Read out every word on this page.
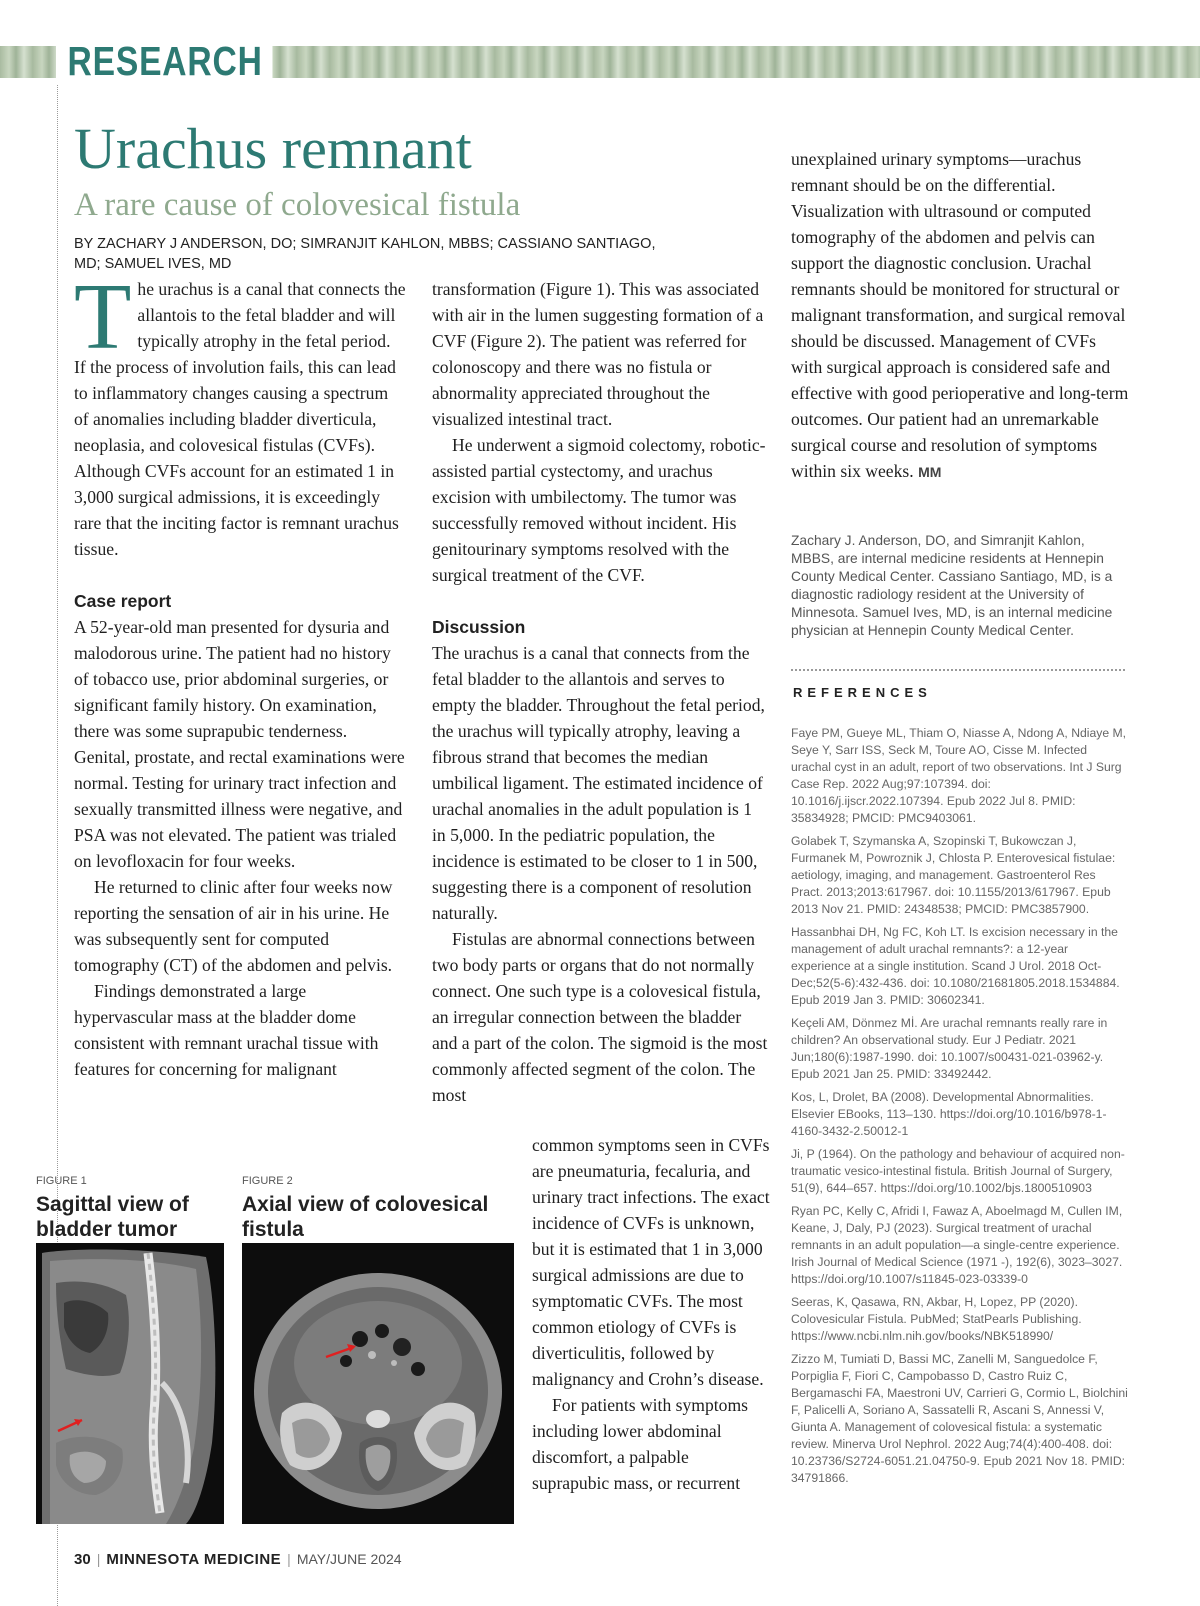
RESEARCH
Urachus remnant
A rare cause of colovesical fistula
BY ZACHARY J ANDERSON, DO; SIMRANJIT KAHLON, MBBS; CASSIANO SANTIAGO, MD; SAMUEL IVES, MD
T he urachus is a canal that connects the allantois to the fetal bladder and will typically atrophy in the fetal period. If the process of involution fails, this can lead to inflammatory changes causing a spectrum of anomalies including bladder diverticula, neoplasia, and colovesical fistulas (CVFs). Although CVFs account for an estimated 1 in 3,000 surgical admissions, it is exceedingly rare that the inciting factor is remnant urachus tissue.

Case report

A 52-year-old man presented for dysuria and malodorous urine. The patient had no history of tobacco use, prior abdominal surgeries, or significant family history. On examination, there was some suprapubic tenderness. Genital, prostate, and rectal examinations were normal. Testing for urinary tract infection and sexually transmitted illness were negative, and PSA was not elevated. The patient was trialed on levofloxacin for four weeks.

He returned to clinic after four weeks now reporting the sensation of air in his urine. He was subsequently sent for computed tomography (CT) of the abdomen and pelvis.

Findings demonstrated a large hypervascular mass at the bladder dome consistent with remnant urachal tissue with features for concerning for malignant

transformation (Figure 1). This was associated with air in the lumen suggesting formation of a CVF (Figure 2). The patient was referred for colonoscopy and there was no fistula or abnormality appreciated throughout the visualized intestinal tract.

He underwent a sigmoid colectomy, robotic-assisted partial cystectomy, and urachus excision with umbilectomy. The tumor was successfully removed without incident. His genitourinary symptoms resolved with the surgical treatment of the CVF.

Discussion

The urachus is a canal that connects from the fetal bladder to the allantois and serves to empty the bladder. Throughout the fetal period, the urachus will typically atrophy, leaving a fibrous strand that becomes the median umbilical ligament. The estimated incidence of urachal anomalies in the adult population is 1 in 5,000. In the pediatric population, the incidence is estimated to be closer to 1 in 500, suggesting there is a component of resolution naturally.

Fistulas are abnormal connections between two body parts or organs that do not normally connect. One such type is a colovesical fistula, an irregular connection between the bladder and a part of the colon. The sigmoid is the most commonly affected segment of the colon. The most

common symptoms seen in CVFs are pneumaturia, fecaluria, and urinary tract infections. The exact incidence of CVFs is unknown, but it is estimated that 1 in 3,000 surgical admissions are due to symptomatic CVFs. The most common etiology of CVFs is diverticulitis, followed by malignancy and Crohn’s disease.

For patients with symptoms including lower abdominal discomfort, a palpable suprapubic mass, or recurrent

unexplained urinary symptoms—urachus remnant should be on the differential. Visualization with ultrasound or computed tomography of the abdomen and pelvis can support the diagnostic conclusion. Urachal remnants should be monitored for structural or malignant transformation, and surgical removal should be discussed. Management of CVFs with surgical approach is considered safe and effective with good perioperative and long-term outcomes. Our patient had an unremarkable surgical course and resolution of symptoms within six weeks. MM

Zachary J. Anderson, DO, and Simranjit Kahlon, MBBS, are internal medicine residents at Hennepin County Medical Center. Cassiano Santiago, MD, is a diagnostic radiology resident at the University of Minnesota. Samuel Ives, MD, is an internal medicine physician at Hennepin County Medical Center.
REFERENCES

Faye PM, Gueye ML, Thiam O, Niasse A, Ndong A, Ndiaye M, Seye Y, Sarr ISS, Seck M, Toure AO, Cisse M. Infected urachal cyst in an adult, report of two observations. Int J Surg Case Rep. 2022 Aug;97:107394. doi: 10.1016/j.ijscr.2022.107394. Epub 2022 Jul 8. PMID: 35834928; PMCID: PMC9403061.

Golabek T, Szymanska A, Szopinski T, Bukowczan J, Furmanek M, Powroznik J, Chlosta P. Enterovesical fistulae: aetiology, imaging, and management. Gastroenterol Res Pract. 2013;2013:617967. doi: 10.1155/2013/617967. Epub 2013 Nov 21. PMID: 24348538; PMCID: PMC3857900.

Hassanbhai DH, Ng FC, Koh LT. Is excision necessary in the management of adult urachal remnants?: a 12-year experience at a single institution. Scand J Urol. 2018 Oct-Dec;52(5-6):432-436. doi: 10.1080/21681805.2018.1534884. Epub 2019 Jan 3. PMID: 30602341.

Keçeli AM, Dönmez Mİ. Are urachal remnants really rare in children? An observational study. Eur J Pediatr. 2021 Jun;180(6):1987-1990. doi: 10.1007/s00431-021-03962-y. Epub 2021 Jan 25. PMID: 33492442.

Kos, L, Drolet, BA (2008). Developmental Abnormalities. Elsevier EBooks, 113–130. https://doi.org/10.1016/b978-1-4160-3432-2.50012-1

Ji, P (1964). On the pathology and behaviour of acquired non-traumatic vesico-intestinal fistula. British Journal of Surgery, 51(9), 644–657. https://doi.org/10.1002/bjs.1800510903

Ryan PC, Kelly C, Afridi I, Fawaz A, Aboelmagd M, Cullen IM, Keane, J, Daly, PJ (2023). Surgical treatment of urachal remnants in an adult population—a single-centre experience. Irish Journal of Medical Science (1971 -), 192(6), 3023–3027. https://doi.org/10.1007/s11845-023-03339-0

Seeras, K, Qasawa, RN, Akbar, H, Lopez, PP (2020). Colovesicular Fistula. PubMed; StatPearls Publishing. https://www.ncbi.nlm.nih.gov/books/NBK518990/

Zizzo M, Tumiati D, Bassi MC, Zanelli M, Sanguedolce F, Porpiglia F, Fiori C, Campobasso D, Castro Ruiz C, Bergamaschi FA, Maestroni UV, Carrieri G, Cormio L, Biolchini F, Palicelli A, Soriano A, Sassatelli R, Ascani S, Annessi V, Giunta A. Management of colovesical fistula: a systematic review. Minerva Urol Nephrol. 2022 Aug;74(4):400-408. doi: 10.23736/S2724-6051.21.04750-9. Epub 2021 Nov 18. PMID: 34791866.

FIGURE 1
Sagittal view of bladder tumor
FIGURE 2
Axial view of colovesical fistula
30 | MINNESOTA MEDICINE | MAY/JUNE 2024
